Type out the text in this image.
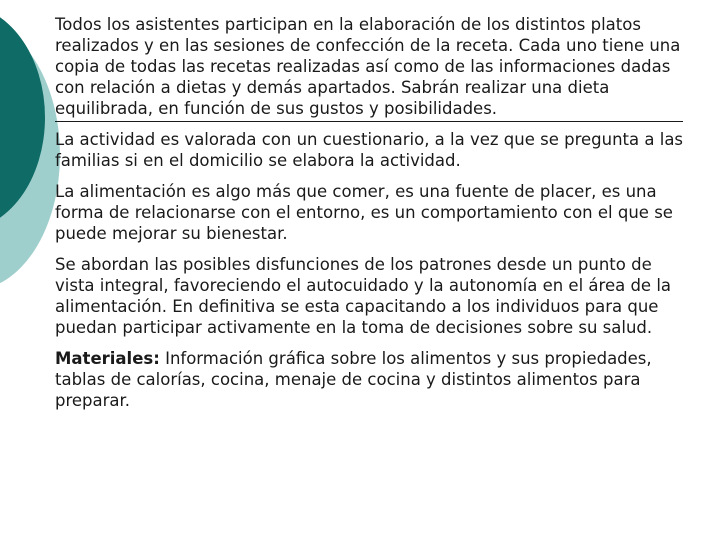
Todos los asistentes participan en la elaboración de los distintos platos realizados y en las sesiones de confección de la receta. Cada uno tiene una copia de todas las recetas realizadas así como de las informaciones dadas con relación a dietas y demás apartados. Sabrán realizar una dieta equilibrada, en función de sus gustos y posibilidades.

La actividad es valorada con un cuestionario, a la vez que se pregunta a las familias si en el domicilio se elabora la actividad.

La alimentación es algo más que comer, es una fuente de placer, es una forma de relacionarse con el entorno, es un comportamiento con el que se puede mejorar su bienestar.

Se abordan las posibles disfunciones de los patrones desde un punto de vista integral, favoreciendo el autocuidado y la autonomía en el área de la alimentación. En definitiva se esta capacitando a los individuos para que puedan participar activamente en la toma de decisiones sobre su salud.

Materiales: Información gráfica sobre los alimentos y sus propiedades, tablas de calorías, cocina, menaje de cocina y distintos alimentos para preparar.
